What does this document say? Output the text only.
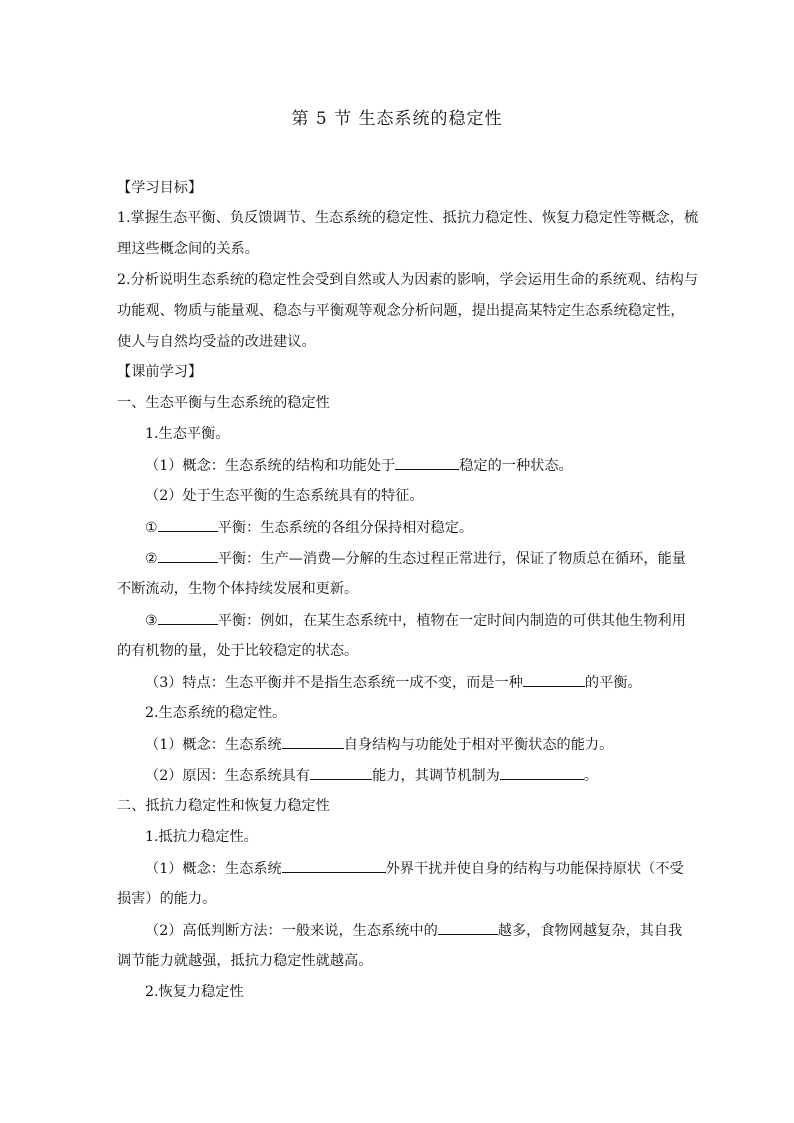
第 5 节 生态系统的稳定性
【学习目标】
1.掌握生态平衡、负反馈调节、生态系统的稳定性、抵抗力稳定性、恢复力稳定性等概念，梳
理这些概念间的关系。
2.分析说明生态系统的稳定性会受到自然或人为因素的影响，学会运用生命的系统观、结构与
功能观、物质与能量观、稳态与平衡观等观念分析问题，提出提高某特定生态系统稳定性，
使人与自然均受益的改进建议。
【课前学习】
一、生态平衡与生态系统的稳定性
1.生态平衡。
（1）概念：生态系统的结构和功能处于	稳定的一种状态。
（2）处于生态平衡的生态系统具有的特征。
①	平衡：生态系统的各组分保持相对稳定。
②	平衡：生产—消费—分解的生态过程正常进行，保证了物质总在循环，能量
不断流动，生物个体持续发展和更新。
③	平衡：例如，在某生态系统中，植物在一定时间内制造的可供其他生物利用
的有机物的量，处于比较稳定的状态。
（3）特点：生态平衡并不是指生态系统一成不变，而是一种	的平衡。
2.生态系统的稳定性。
（1）概念：生态系统	自身结构与功能处于相对平衡状态的能力。
（2）原因：生态系统具有	能力，其调节机制为	。
二、抵抗力稳定性和恢复力稳定性
1.抵抗力稳定性。
（1）概念：生态系统	外界干扰并使自身的结构与功能保持原状（不受
损害）的能力。
（2）高低判断方法：一般来说，生态系统中的	越多，食物网越复杂，其自我
调节能力就越强，抵抗力稳定性就越高。
2.恢复力稳定性
